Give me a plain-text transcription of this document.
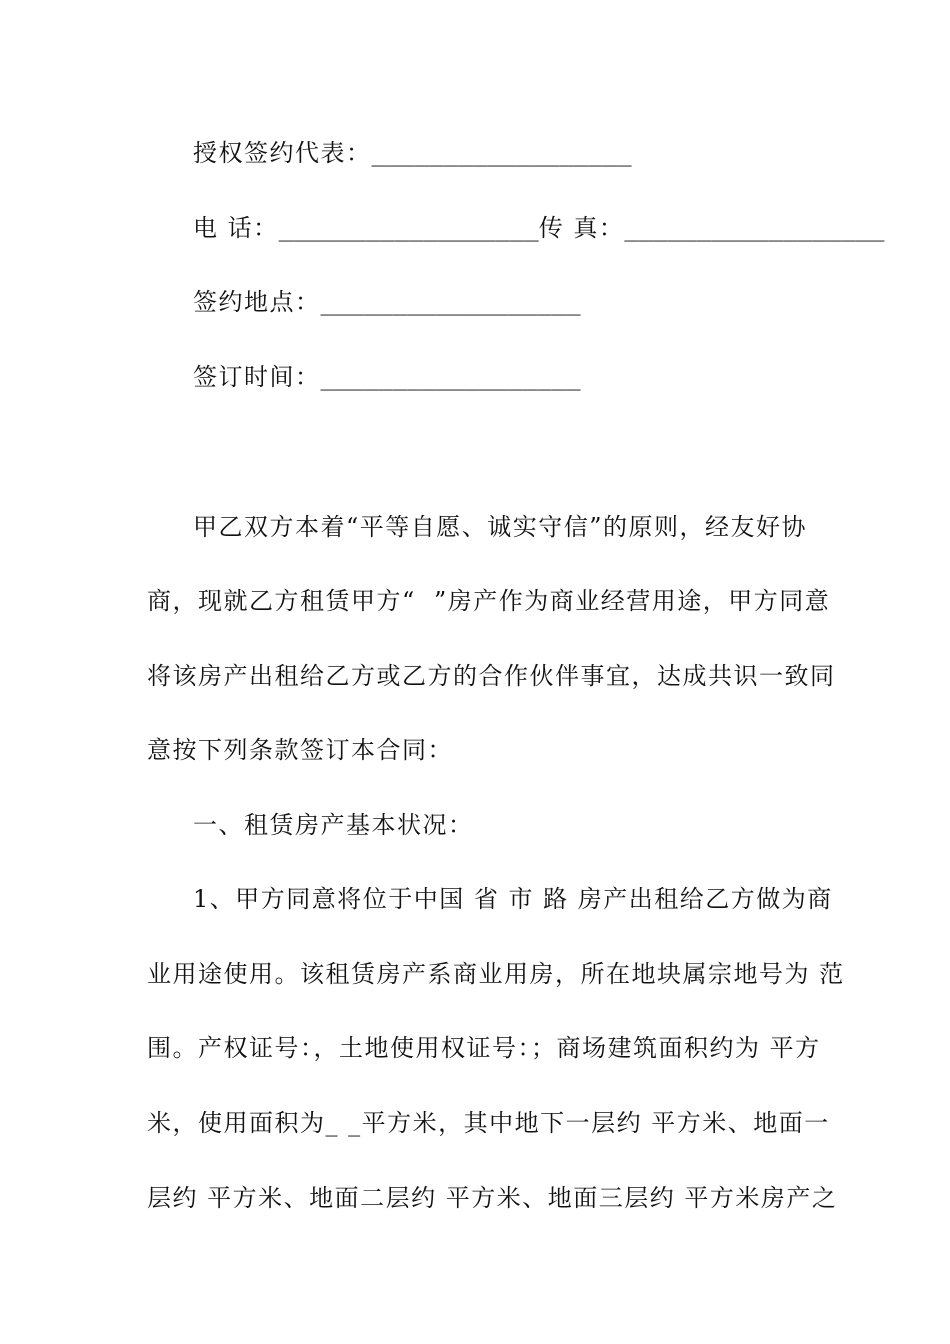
授权签约代表：__________________
电 话：__________________传 真：__________________
签约地点：__________________
签订时间：__________________
甲乙双方本着“平等自愿、诚实守信”的原则，经友好协
商，现就乙方租赁甲方“  ”房产作为商业经营用途，甲方同意
将该房产出租给乙方或乙方的合作伙伴事宜，达成共识一致同
意按下列条款签订本合同：
一、租赁房产基本状况：
1、甲方同意将位于中国 省 市 路 房产出租给乙方做为商
业用途使用。该租赁房产系商业用房，所在地块属宗地号为 范
围。产权证号：，土地使用权证号：；商场建筑面积约为 平方
米，使用面积为_ _平方米，其中地下一层约 平方米、地面一
层约 平方米、地面二层约 平方米、地面三层约 平方米房产之
